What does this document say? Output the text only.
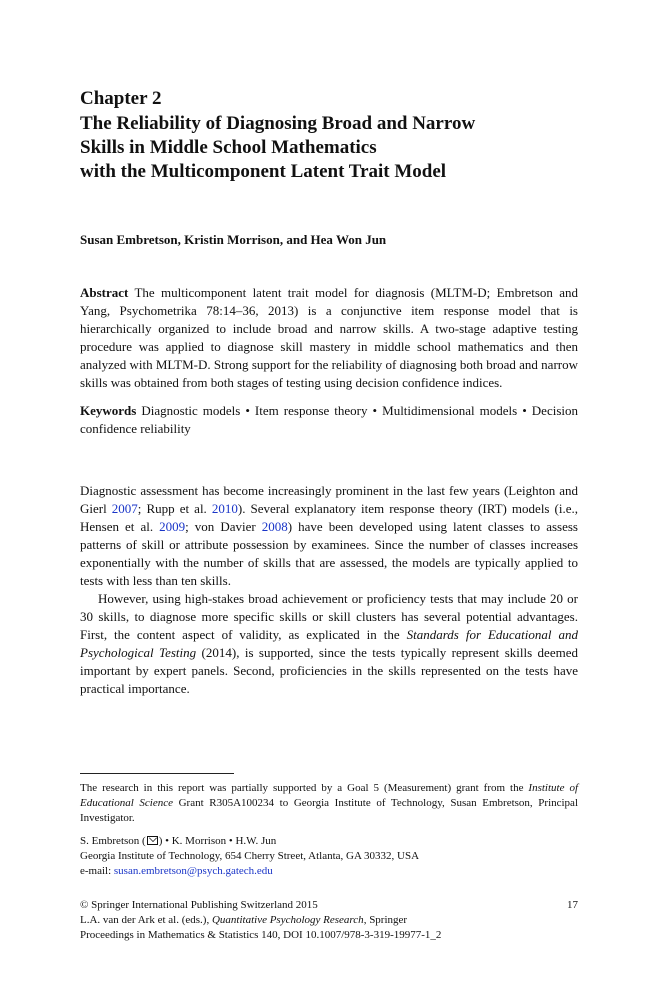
Chapter 2
The Reliability of Diagnosing Broad and Narrow
Skills in Middle School Mathematics
with the Multicomponent Latent Trait Model
Susan Embretson, Kristin Morrison, and Hea Won Jun
Abstract The multicomponent latent trait model for diagnosis (MLTM-D; Embretson and Yang, Psychometrika 78:14–36, 2013) is a conjunctive item response model that is hierarchically organized to include broad and narrow skills. A two-stage adaptive testing procedure was applied to diagnose skill mastery in middle school mathematics and then analyzed with MLTM-D. Strong support for the reliability of diagnosing both broad and narrow skills was obtained from both stages of testing using decision confidence indices.
Keywords Diagnostic models • Item response theory • Multidimensional models • Decision confidence reliability

Diagnostic assessment has become increasingly prominent in the last few years (Leighton and Gierl 2007; Rupp et al. 2010). Several explanatory item response theory (IRT) models (i.e., Hensen et al. 2009; von Davier 2008) have been developed using latent classes to assess patterns of skill or attribute possession by examinees. Since the number of classes increases exponentially with the number of skills that are assessed, the models are typically applied to tests with less than ten skills.

However, using high-stakes broad achievement or proficiency tests that may include 20 or 30 skills, to diagnose more specific skills or skill clusters has several potential advantages. First, the content aspect of validity, as explicated in the Standards for Educational and Psychological Testing (2014), is supported, since the tests typically represent skills deemed important by expert panels. Second, proficiencies in the skills represented on the tests have practical importance.

The research in this report was partially supported by a Goal 5 (Measurement) grant from the Institute of Educational Science Grant R305A100234 to Georgia Institute of Technology, Susan Embretson, Principal Investigator.
S. Embretson ( ) • K. Morrison • H.W. Jun
Georgia Institute of Technology, 654 Cherry Street, Atlanta, GA 30332, USA
e-mail: susan.embretson@psych.gatech.edu
© Springer International Publishing Switzerland 2015	17
L.A. van der Ark et al. (eds.), Quantitative Psychology Research, Springer
Proceedings in Mathematics & Statistics 140, DOI 10.1007/978-3-319-19977-1_2
